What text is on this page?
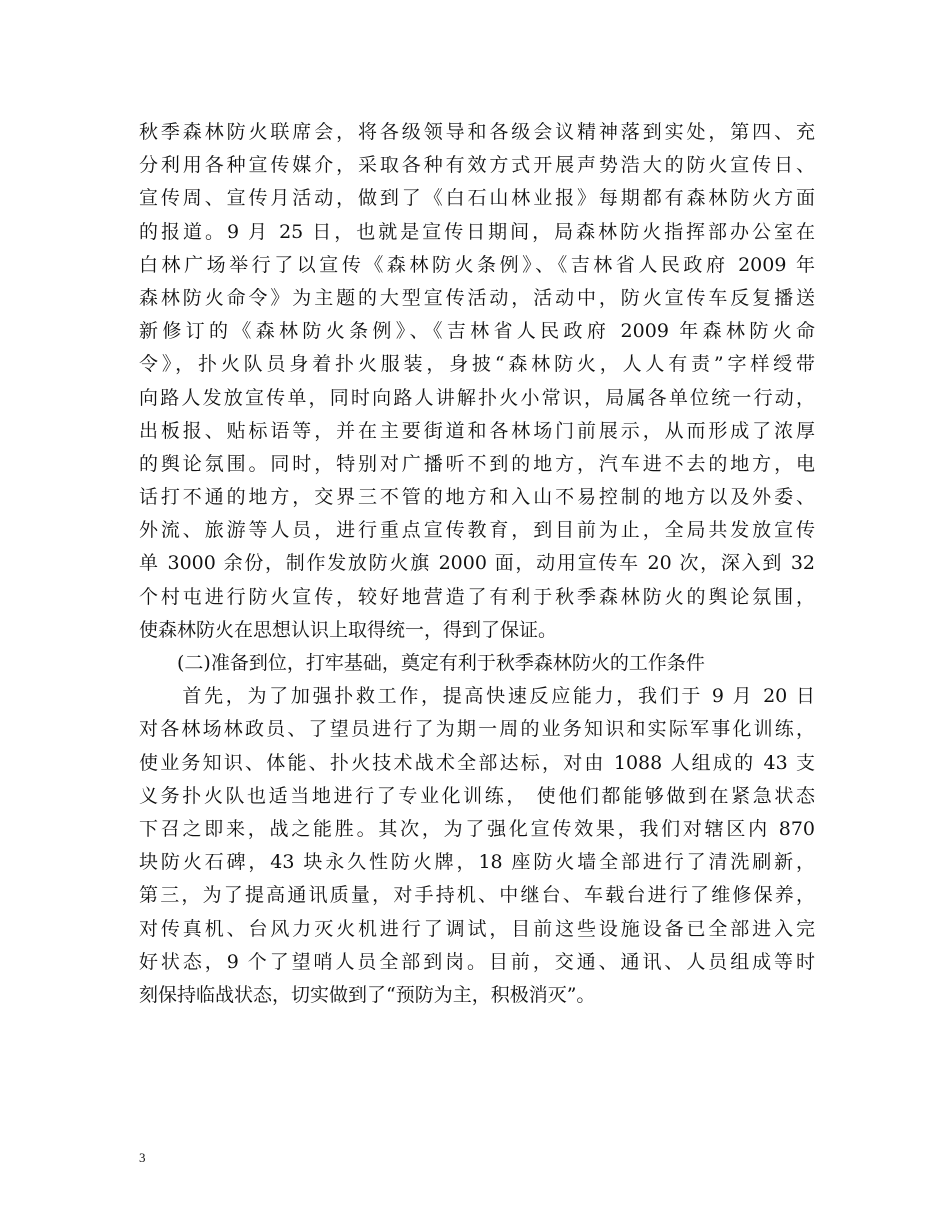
秋季森林防火联席会，将各级领导和各级会议精神落到实处，第四、充
分利用各种宣传媒介，采取各种有效方式开展声势浩大的防火宣传日、
宣传周、宣传月活动，做到了《白石山林业报》每期都有森林防火方面
的报道。9 月 25 日，也就是宣传日期间，局森林防火指挥部办公室在
白林广场举行了以宣传《森林防火条例》、《吉林省人民政府 2009 年
森林防火命令》为主题的大型宣传活动，活动中，防火宣传车反复播送
新修订的《森林防火条例》、《吉林省人民政府 2009 年森林防火命
令》，扑火队员身着扑火服装，身披“森林防火，人人有责”字样绶带
向路人发放宣传单，同时向路人讲解扑火小常识，局属各单位统一行动，
出板报、贴标语等，并在主要街道和各林场门前展示，从而形成了浓厚
的舆论氛围。同时，特别对广播听不到的地方，汽车进不去的地方，电
话打不通的地方，交界三不管的地方和入山不易控制的地方以及外委、
外流、旅游等人员，进行重点宣传教育，到目前为止，全局共发放宣传
单 3000 余份，制作发放防火旗 2000 面，动用宣传车 20 次，深入到 32
个村屯进行防火宣传，较好地营造了有利于秋季森林防火的舆论氛围，
使森林防火在思想认识上取得统一，得到了保证。
　　(二)准备到位，打牢基础，奠定有利于秋季森林防火的工作条件
　　首先，为了加强扑救工作，提高快速反应能力，我们于 9 月 20 日
对各林场林政员、了望员进行了为期一周的业务知识和实际军事化训练，
使业务知识、体能、扑火技术战术全部达标，对由 1088 人组成的 43 支
义务扑火队也适当地进行了专业化训练， 使他们都能够做到在紧急状态
下召之即来，战之能胜。其次，为了强化宣传效果，我们对辖区内 870
块防火石碑，43 块永久性防火牌，18 座防火墙全部进行了清洗刷新，
第三，为了提高通讯质量，对手持机、中继台、车载台进行了维修保养，
对传真机、台风力灭火机进行了调试，目前这些设施设备已全部进入完
好状态，9 个了望哨人员全部到岗。目前，交通、通讯、人员组成等时
刻保持临战状态，切实做到了“预防为主，积极消灭”。
3
